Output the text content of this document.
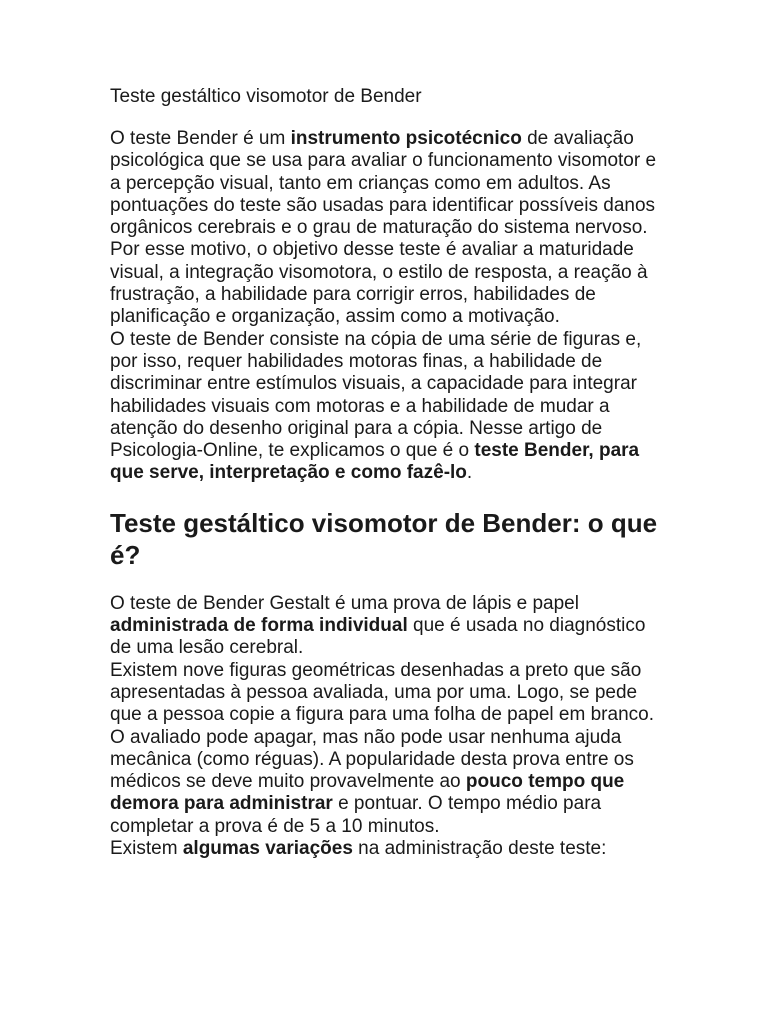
Teste gestáltico visomotor de Bender

O teste Bender é um instrumento psicotécnico de avaliação psicológica que se usa para avaliar o funcionamento visomotor e a percepção visual, tanto em crianças como em adultos. As pontuações do teste são usadas para identificar possíveis danos orgânicos cerebrais e o grau de maturação do sistema nervoso. Por esse motivo, o objetivo desse teste é avaliar a maturidade visual, a integração visomotora, o estilo de resposta, a reação à frustração, a habilidade para corrigir erros, habilidades de planificação e organização, assim como a motivação.

O teste de Bender consiste na cópia de uma série de figuras e, por isso, requer habilidades motoras finas, a habilidade de discriminar entre estímulos visuais, a capacidade para integrar habilidades visuais com motoras e a habilidade de mudar a atenção do desenho original para a cópia. Nesse artigo de Psicologia-Online, te explicamos o que é o teste Bender, para que serve, interpretação e como fazê-lo.

Teste gestáltico visomotor de Bender: o que é?

O teste de Bender Gestalt é uma prova de lápis e papel administrada de forma individual que é usada no diagnóstico de uma lesão cerebral.

Existem nove figuras geométricas desenhadas a preto que são apresentadas à pessoa avaliada, uma por uma. Logo, se pede que a pessoa copie a figura para uma folha de papel em branco. O avaliado pode apagar, mas não pode usar nenhuma ajuda mecânica (como réguas). A popularidade desta prova entre os médicos se deve muito provavelmente ao pouco tempo que demora para administrar e pontuar. O tempo médio para completar a prova é de 5 a 10 minutos.

Existem algumas variações na administração deste teste:
